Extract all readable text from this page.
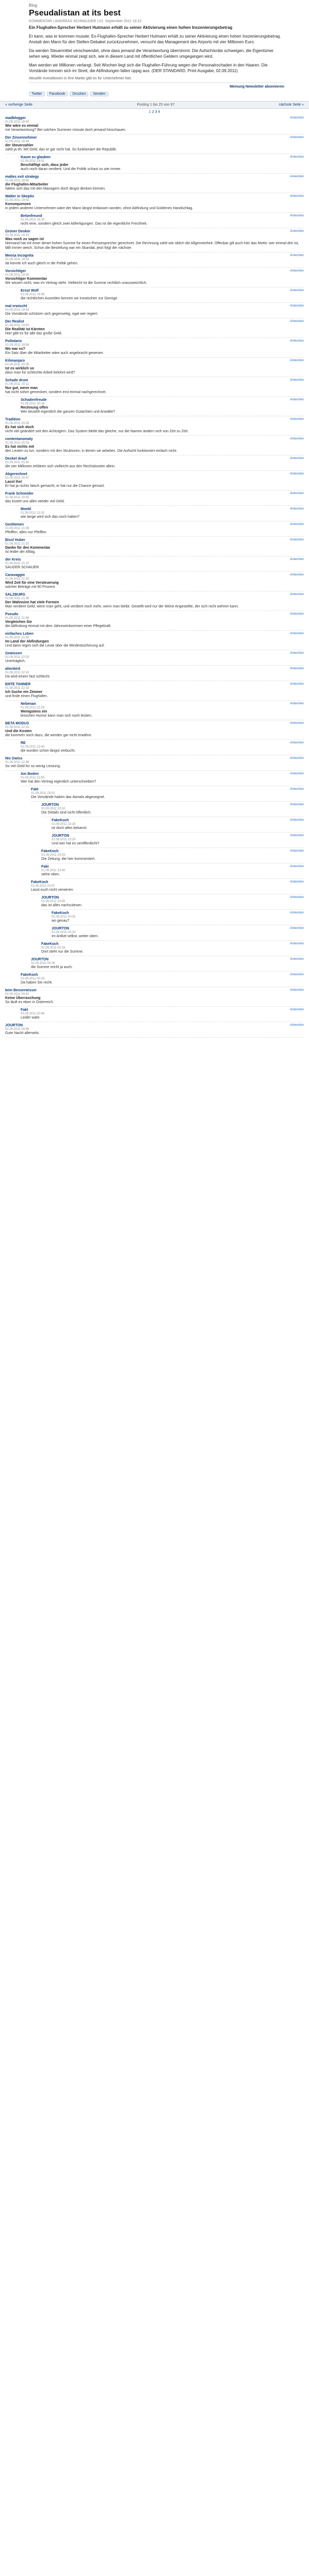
Blog
Pseudalistan at its best
KOMMENTAR | ANDREAS SCHNAUDER | 01. September 2011 18:22
Ein Flughafen-Sprecher Herbert Hutmann erhält zu seiner Aktivierung einen hohen Inszenierungsbetrag
Er kann, was er kommen musste: Ex-Flughafen-Sprecher Herbert Hutmann erhält zu seiner Aktivierung einen hohen Inszenierungsbetrag. Anstatt den Mann für den Stellen-Debakel zurückzunehmen, versucht das Management des Airports mit vier Millionen Euro.
Da werden Steuermittel verschwendet, ohne dass jemand die Verantwortung übernimmt. Die Aufsichtsräte schweigen, die Eigentümer sehen weg. Wieder einmal zeigt sich, wie in diesem Land mit öffentlichen Geldern umgegangen wird.
Man werden wir Millionen verlangt. Seit Wochen liegt sich die Flughafen-Führung wegen der Personalrochaden in den Haaren. Die Vorstände trennen sich im Streit, die Abfindungen fallen üppig aus. (DER STANDARD, Print-Ausgabe, 02.09.2011)
Aktuelle Investitionen in Ihre Marke gibt es für Unternehmer hier.
Meinung Newsletter abonnieren
Twitter	Facebook	Drucken	Senden
« vorherige Seite	Posting 1 bis 25 von 97	nächste Seite »
1 2 3 4
madblogger	Antworten
01.09.2011 18:40
Wie wäre es einmal
mit Verantwortung? Bei solchen Summen müsste doch jemand hinschauen.
Der Zinsennehmer	Antworten
01.09.2011 18:44
der Steuerzahler
zahlt ja eh. Mit Geld, das er gar nicht hat. So funktioniert die Republik.
Kaum zu glauben	Antworten
01.09.2011 18:51
Beschäftigt sich, dass jeder
auch noch daran verdient. Und die Politik schaut zu wie immer.
maltes exit strategy	Antworten
01.09.2011 18:55
die Flughafen-Mitarbeiter
hätten sich das mit den Managern doch längst denken können.
Walter in Skeptis	Antworten
01.09.2011 19:02
Konsequenzen
In jedem anderen Unternehmen wäre der Mann längst entlassen worden, ohne Abfindung und Goldenen Handschlag.
Betonfreund	Antworten
01.09.2011 19:10
nicht eine, sondern gleich zwei Abfertigungen. Das ist die eigentliche Frechheit.
Grüner Denker	Antworten
01.09.2011 19:15
Was noch zu sagen ist
Niemand hat mit einer derart hohen Summe für einen Pressesprecher gerechnet. Die Rechnung zahlt wie üblich die Allgemeinheit. Offenbar gilt auch hier das Motto: wer einmal drin ist, fällt immer weich. Schon die Bestellung war ein Skandal, jetzt folgt der nächste.
Mensa Incognita	Antworten
01.09.2011 19:24
da könnte ich auch gleich in die Politik gehen.
Vorsichtiger	Antworten
01.09.2011 19:30
Vorsichtiger Kommentar
Wir wissen nicht, was im Vertrag steht. Vielleicht ist die Summe rechtlich unausweichlich.
Ernst Wolf	Antworten
01.09.2011 19:38
die rechtlichen Ausreden kennen wir inzwischen zur Genüge.
mal erwischt	Antworten
01.09.2011 19:44
Die Vorstände schützen sich gegenseitig, egal wer regiert.
Der Realist	Antworten
01.09.2011 19:50
Die Realität ist Kärnten
Hier gibt es für alle das große Geld.
Pollotario	Antworten
01.09.2011 19:58
Wo war es?
Ein Satz über die Mitarbeiter wäre auch angebracht gewesen.
Kilimanjaro	Antworten
01.09.2011 20:05
Ist es wirklich so
dass man für schlechte Arbeit belohnt wird?
Schade drum	Antworten
01.09.2011 20:11
Nur gut, wenn man
hat nicht sofort gemeckert, sondern erst einmal nachgerechnet.
Schadenfreude	Antworten
01.09.2011 20:18
Rechnung offen
Wer bezahlt eigentlich die ganzen Gutachten und Anwälte?
Tradition	Antworten
01.09.2011 20:26
Es hat sich doch
nicht viel geändert seit den Achtzigern. Das System bleibt das gleiche, nur die Namen ändern sich von Zeit zu Zeit.
contentanomaly	Antworten
01.09.2011 20:33
Es hat nichts mit
den Leuten zu tun, sondern mit den Strukturen, in denen sie arbeiten. Die Aufsicht funktioniert einfach nicht.
Deckel drauf	Antworten
01.09.2011 20:40
die vier Millionen erklären sich vielleicht aus den Rechtskosten allein.
Abgerechnet	Antworten
01.09.2011 20:47
Lasst ihn!
Er hat ja nichts falsch gemacht, er hat nur die Chance genutzt.
Frank Schneider	Antworten
01.09.2011 20:55
das kostet uns allen wieder viel Geld.
Moebl	Antworten
01.09.2011 21:02
wie lange wird sich das noch halten?
Gentlemen	Antworten
01.09.2011 21:09
Pfeiffen, alles nur Pfeiffen.
Bissl Huber	Antworten
01.09.2011 21:15
Danke für den Kommentar
ist leider der Alltag.
der Kreis	Antworten
01.09.2011 21:22
SAUDER SCHAUER
Caravaggio	Antworten
01.09.2011 21:30
Wird Zeit für eine Versteuerung
solcher Beträge mit 90 Prozent.
SALZBURG	Antworten
01.09.2011 21:38
Der Wahnsinn hat viele Formen
Man verdient Geld, wenn man geht, und verdient noch mehr, wenn man bleibt. Gestellt wird nur der kleine Angestellte, der sich nicht wehren kann.
Pseudo	Antworten
01.09.2011 21:46
Vergleichen Sie
die Abfindung einmal mit dem Jahreseinkommen einer Pflegekraft.
einfaches Leben	Antworten
01.09.2011 21:55
Im Land der Abfindungen
Und dann regen sich die Leute über die Mindestsicherung auf.
Gewissen	Antworten
01.09.2011 22:03
Unerträglich.
alienbird	Antworten
01.09.2011 22:10
Da wird einem fast schlecht.
ENTE TANNER	Antworten
01.09.2011 22:18
Ich Suche ein Zimmer
und finde einen Flughafen.
Nebenan	Antworten
01.09.2011 22:25
Wenigstens ein
bisschen Humor kann man sich noch leisten.
BETA MODUS	Antworten
01.09.2011 22:33
Und die Kosten
die kommen noch dazu, die werden gar nicht erwähnt.
RE	Antworten
01.09.2011 22:40
die wurden schon längst verbucht.
Nix Gwiss	Antworten
01.09.2011 22:48
So viel Geld für so wenig Leistung.
Am Boden	Antworten
01.09.2011 22:55
Wer hat den Vertrag eigentlich unterschrieben?
Fakt	Antworten
01.09.2011 23:02
Die Vorstände haben das damals abgesegnet.
JOURTON	Antworten
01.09.2011 23:10
Die Details sind nicht öffentlich.
FakeKoch	Antworten
01.09.2011 23:18
ist doch alles bekannt.
JOURTON	Antworten
01.09.2011 23:25
Und wer hat es veröffentlicht?
FakeKoch	Antworten
01.09.2011 23:33
Die Zeitung, die hier kommentiert.
Fakt	Antworten
01.09.2011 23:40
siehe oben.
FakeKoch	Antworten
01.09.2011 23:47
Lasst euch nicht verwirren.
JOURTON	Antworten
01.09.2011 23:55
das ist alles nachzulesen.
FakeKoch	Antworten
02.09.2011 00:03
wo genau?
JOURTON	Antworten
02.09.2011 00:10
Im Artikel selbst, weiter oben.
FakeKoch	Antworten
02.09.2011 00:18
Dort steht nur die Summe.
JOURTON	Antworten
02.09.2011 00:26
die Summe reicht ja auch.
FakeKoch	Antworten
02.09.2011 00:33
Da haben Sie recht.
kein Besserwisser	Antworten
02.09.2011 00:41
Keine Überraschung
So läuft es eben in Österreich.
Fakt	Antworten
02.09.2011 00:48
Leider wahr.
JOURTON	Antworten
02.09.2011 00:56
Gute Nacht allerseits.
